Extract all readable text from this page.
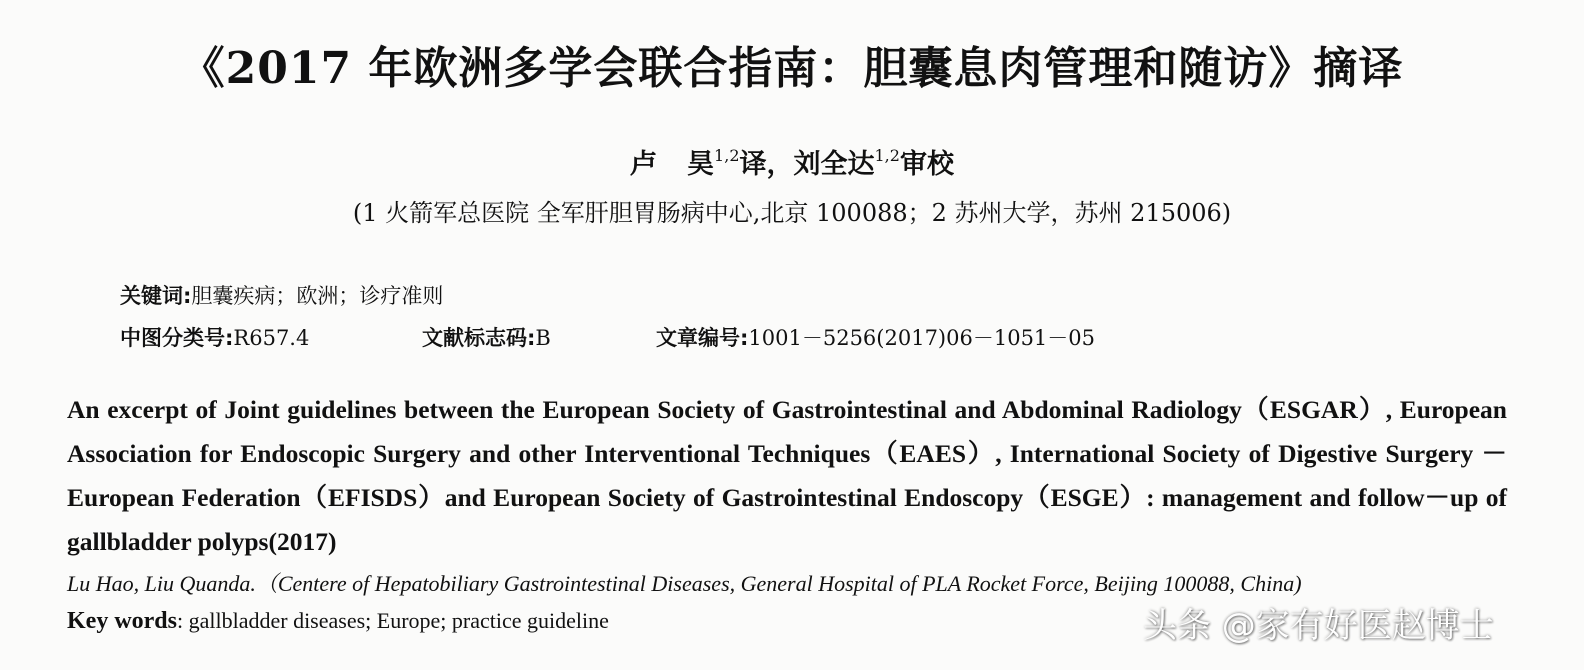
《2017 年欧洲多学会联合指南：胆囊息肉管理和随访》摘译
卢 昊$^{1,2}$译，刘全达$^{1,2}$审校
(1 火箭军总医院 全军肝胆胃肠病中心,北京 100088；2 苏州大学，苏州 215006)
关键词:胆囊疾病；欧洲；诊疗准则
中图分类号:R657.4	文献标志码:B	文章编号:1001－5256(2017)06－1051－05
An excerpt of Joint guidelines between the European Society of Gastrointestinal and Abdominal Radiology（ESGAR）, European Association for Endoscopic Surgery and other Interventional Techniques（EAES）, International Society of Digestive Surgery － European Federation（EFISDS）and European Society of Gastrointestinal Endoscopy（ESGE）: management and follow－up of gallbladder polyps(2017)
Lu Hao, Liu Quanda.（Centere of Hepatobiliary Gastrointestinal Diseases, General Hospital of PLA Rocket Force, Beijing 100088, China)
Key words: gallbladder diseases; Europe; practice guideline	头条 @家有好医赵博士
